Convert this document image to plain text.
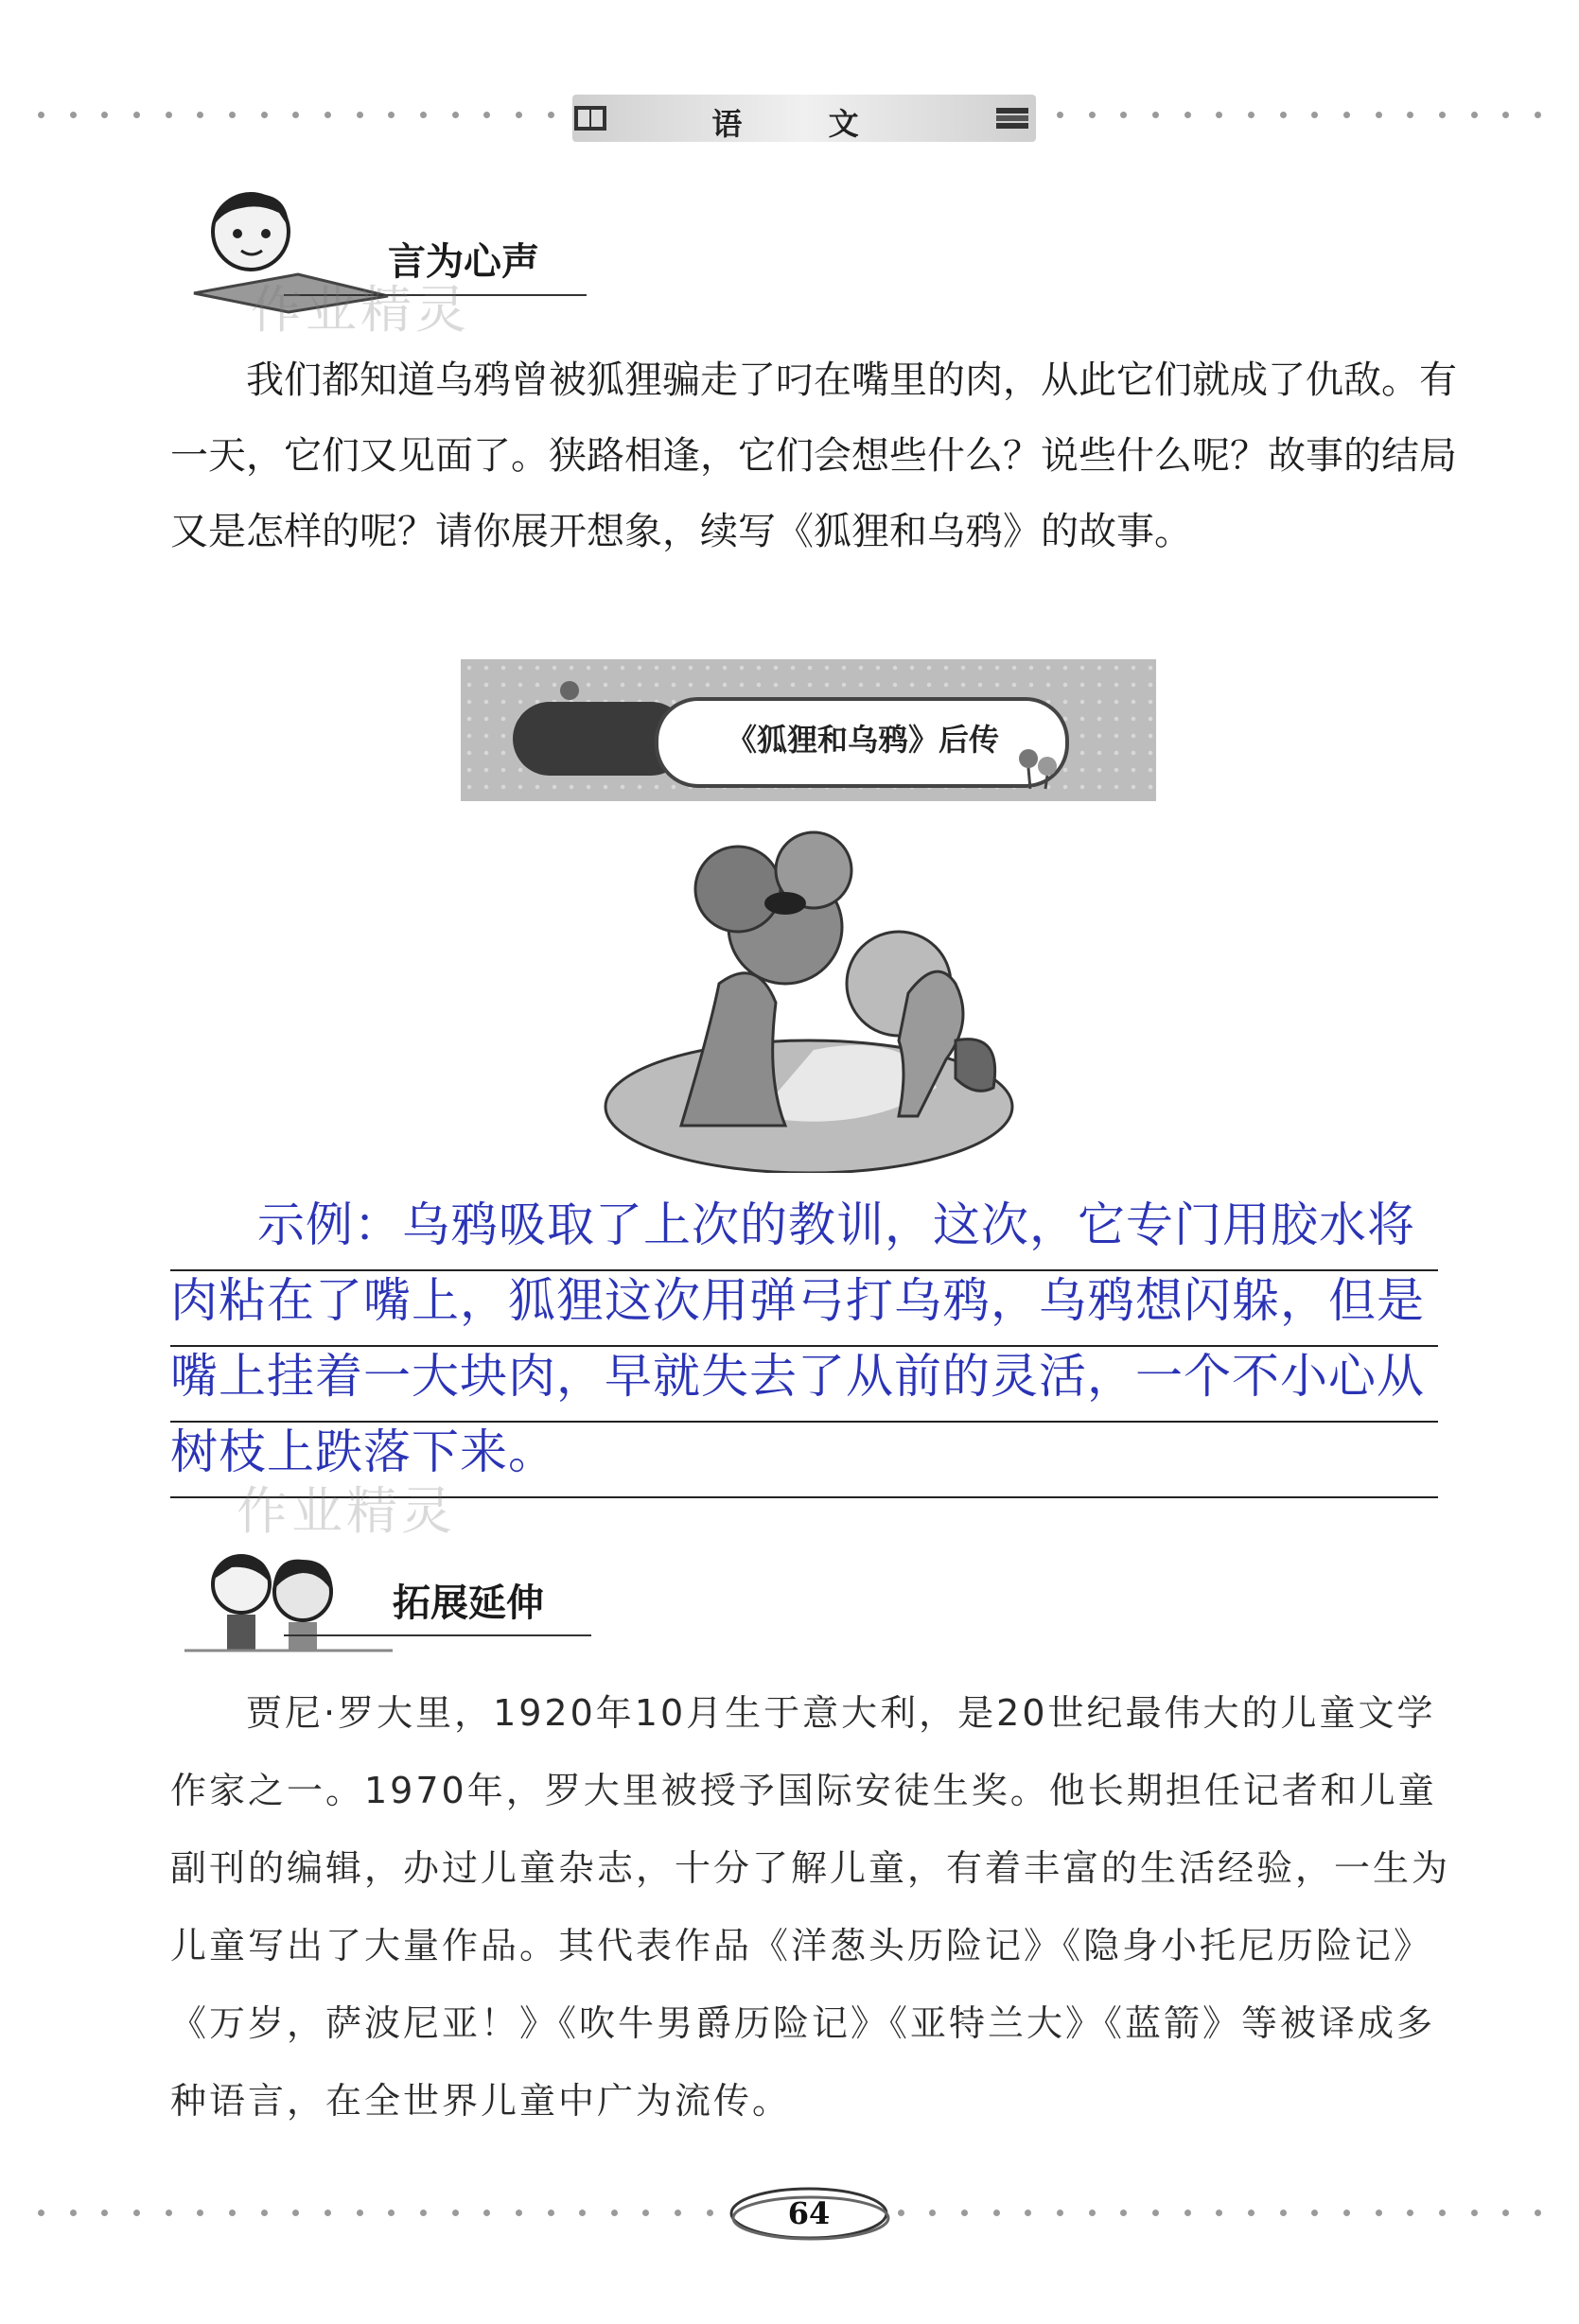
语 文
言为心声

我们都知道乌鸦曾被狐狸骗走了叼在嘴里的肉，从此它们就成了仇敌。有一天，它们又见面了。狭路相逢，它们会想些什么？说些什么呢？故事的结局又是怎样的呢？请你展开想象，续写《狐狸和乌鸦》的故事。

《狐狸和乌鸦》后传

示例：乌鸦吸取了上次的教训，这次，它专门用胶水将肉粘在了嘴上，狐狸这次用弹弓打乌鸦，乌鸦想闪躲，但是嘴上挂着一大块肉，早就失去了从前的灵活，一个不小心从树枝上跌落下来。

作业精灵
作业精灵
拓展延伸

贾尼·罗大里，1920年10月生于意大利，是20世纪最伟大的儿童文学作家之一。1970年，罗大里被授予国际安徒生奖。他长期担任记者和儿童副刊的编辑，办过儿童杂志，十分了解儿童，有着丰富的生活经验，一生为儿童写出了大量作品。其代表作品《洋葱头历险记》《隐身小托尼历险记》《万岁，萨波尼亚！》《吹牛男爵历险记》《亚特兰大》《蓝箭》等被译成多种语言，在全世界儿童中广为流传。

64
